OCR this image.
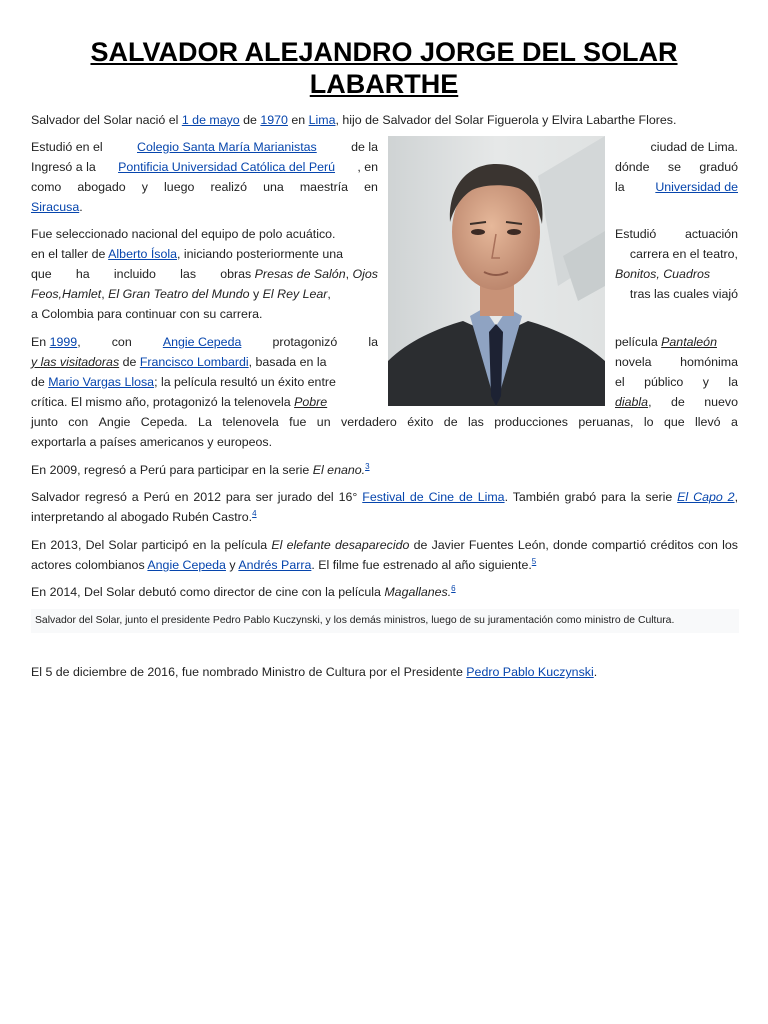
SALVADOR ALEJANDRO JORGE DEL SOLAR LABARTHE

Salvador del Solar nació el 1 de mayo de 1970 en Lima, hijo de Salvador del Solar Figuerola y Elvira Labarthe Flores.

Estudió en el	Colegio Santa María Marianistas	de la	ciudad de Lima.
Ingresó a la Pontificia Universidad Católica del Perú , en	dónde se graduó
como abogado y luego realizó una maestría en	la Universidad de
Siracusa.
Fue seleccionado nacional del equipo de polo acuático.	Estudió actuación
en el taller de Alberto Ísola, iniciando posteriormente una	carrera en el teatro,
que ha incluido las obras Presas de Salón, Ojos	Bonitos, Cuadros
Feos,Hamlet, El Gran Teatro del Mundo y El Rey Lear,	tras las cuales viajó
a Colombia para continuar con su carrera.
En 1999,	con	Angie Cepeda	protagonizó	la	película Pantaleón
y las visitadoras de Francisco Lombardi, basada en la	novela homónima
de Mario Vargas Llosa; la película resultó un éxito entre	el público y la
crítica. El mismo año, protagonizó la telenovela Pobre	diabla, de nuevo
junto con Angie Cepeda. La telenovela fue un verdadero éxito de las producciones peruanas, lo que llevó a
exportarla a países americanos y europeos.

En 2009, regresó a Perú para participar en la serie El enano.$^3$

Salvador regresó a Perú en 2012 para ser jurado del 16° Festival de Cine de Lima. También grabó para la serie El Capo 2, interpretando al abogado Rubén Castro.$^4$

En 2013, Del Solar participó en la película El elefante desaparecido de Javier Fuentes León, donde compartió créditos con los actores colombianos Angie Cepeda y Andrés Parra. El filme fue estrenado al año siguiente.$^5$

En 2014, Del Solar debutó como director de cine con la película Magallanes.$^6$

Salvador del Solar, junto el presidente Pedro Pablo Kuczynski, y los demás ministros, luego de su juramentación como ministro de Cultura.

El 5 de diciembre de 2016, fue nombrado Ministro de Cultura por el Presidente Pedro Pablo Kuczynski.
